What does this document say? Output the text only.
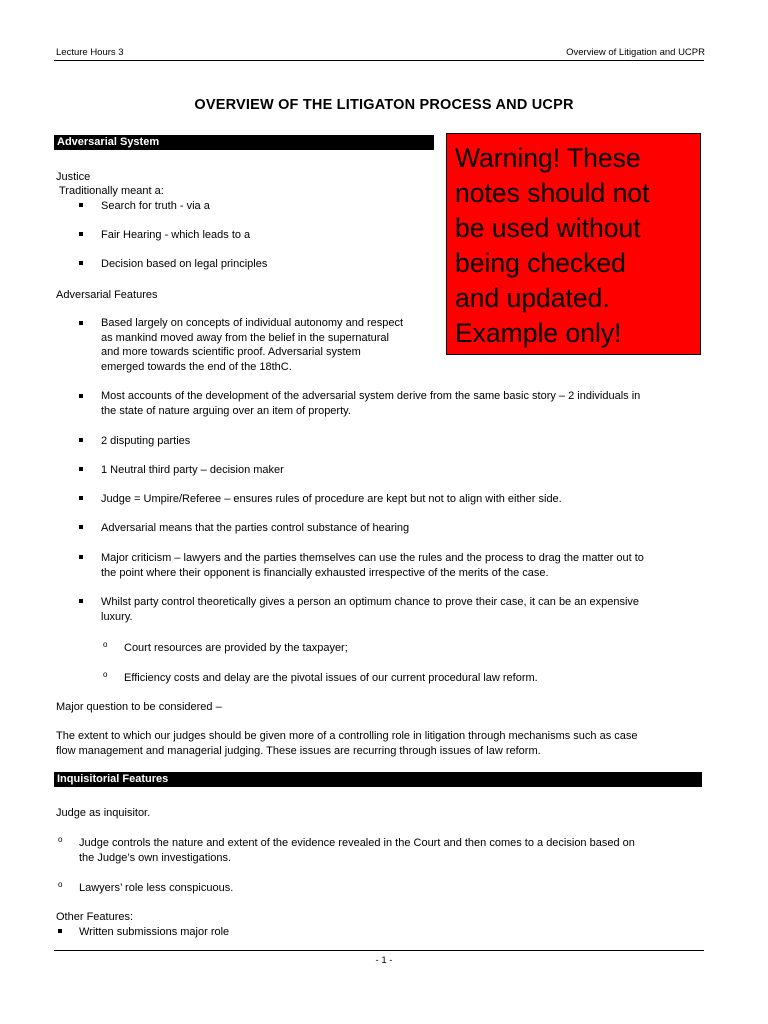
Lecture Hours 3	Overview of Litigation and UCPR
OVERVIEW OF THE LITIGATON PROCESS AND UCPR
Adversarial System
Warning! These
notes should not
be used without
being checked
and updated.
Example only!
Justice
Traditionally meant a:
Search for truth - via a
Fair Hearing - which leads to a
Decision based on legal principles
Adversarial Features
Based largely on concepts of individual autonomy and respect
as mankind moved away from the belief in the supernatural
and more towards scientific proof. Adversarial system
emerged towards the end of the 18thC.
Most accounts of the development of the adversarial system derive from the same basic story – 2 individuals in
the state of nature arguing over an item of property.
2 disputing parties
1 Neutral third party – decision maker
Judge = Umpire/Referee – ensures rules of procedure are kept but not to align with either side.
Adversarial means that the parties control substance of hearing
Major criticism – lawyers and the parties themselves can use the rules and the process to drag the matter out to
the point where their opponent is financially exhausted irrespective of the merits of the case.
Whilst party control theoretically gives a person an optimum chance to prove their case, it can be an expensive
luxury.
o Court resources are provided by the taxpayer;
o Efficiency costs and delay are the pivotal issues of our current procedural law reform.
Major question to be considered –
The extent to which our judges should be given more of a controlling role in litigation through mechanisms such as case
flow management and managerial judging. These issues are recurring through issues of law reform.
Inquisitorial Features
Judge as inquisitor.
o Judge controls the nature and extent of the evidence revealed in the Court and then comes to a decision based on
the Judge’s own investigations.
o Lawyers’ role less conspicuous.
Other Features:
Written submissions major role
- 1 -
